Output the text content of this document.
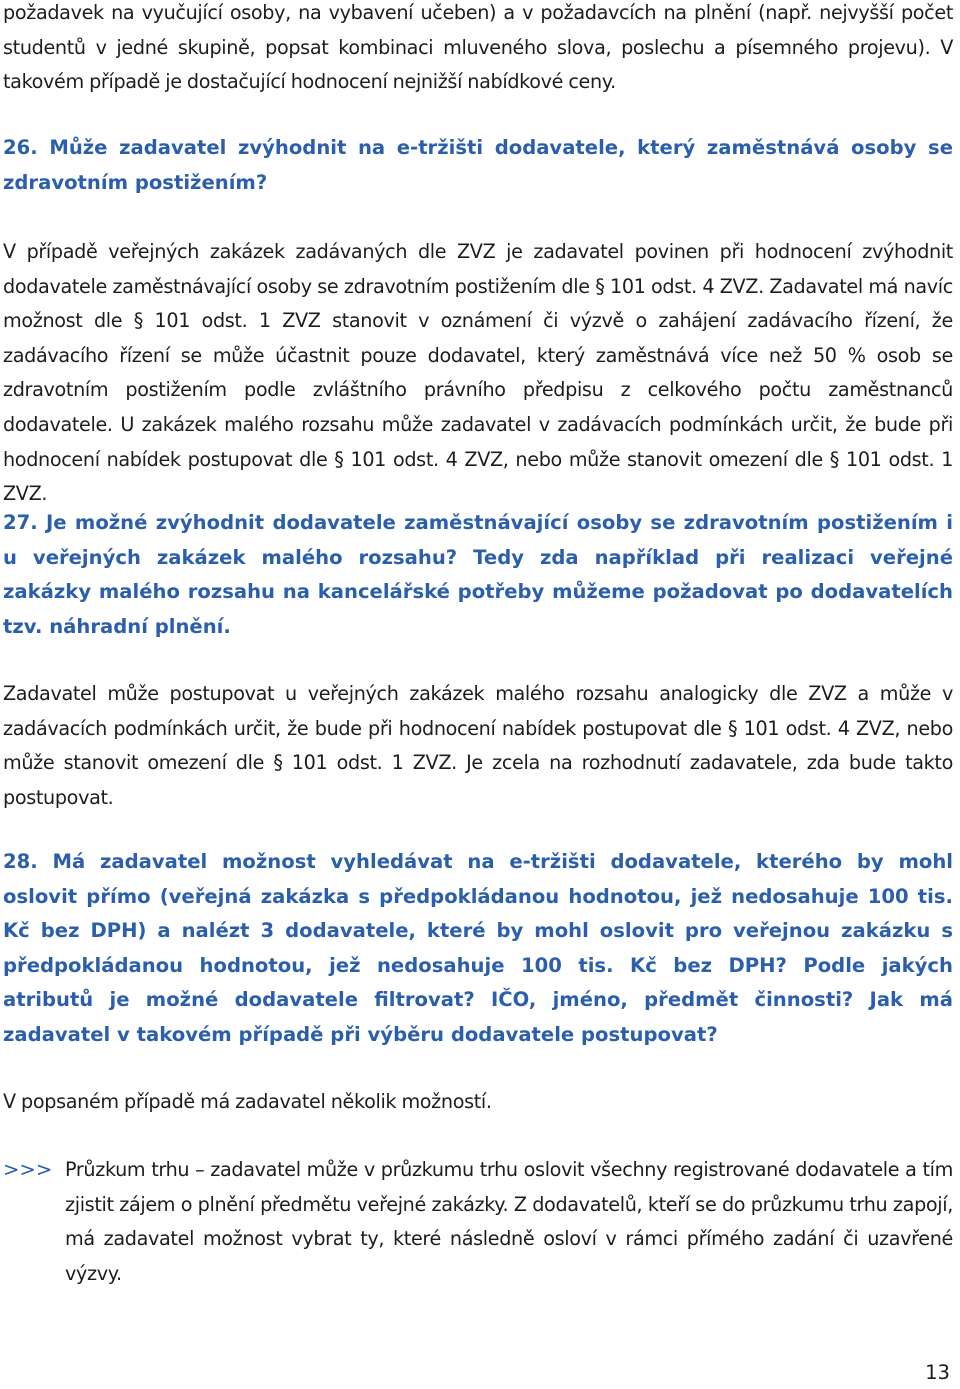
požadavek na vyučující osoby, na vybavení učeben) a v požadavcích na plnění (např. nejvyšší počet studentů v jedné skupině, popsat kombinaci mluveného slova, poslechu a písemného projevu). V takovém případě je dostačující hodnocení nejnižší nabídkové ceny.

26. Může zadavatel zvýhodnit na e-tržišti dodavatele, který zaměstnává osoby se zdravotním postižením?

V případě veřejných zakázek zadávaných dle ZVZ je zadavatel povinen při hodnocení zvýhodnit dodavatele zaměstnávající osoby se zdravotním postižením dle § 101 odst. 4 ZVZ. Zadavatel má navíc možnost dle § 101 odst. 1 ZVZ stanovit v oznámení či výzvě o zahájení zadávacího řízení, že zadávacího řízení se může účastnit pouze dodavatel, který zaměstnává více než 50 % osob se zdravotním postižením podle zvláštního právního předpisu z celkového počtu zaměstnanců dodavatele. U zakázek malého rozsahu může zadavatel v zadávacích podmínkách určit, že bude při hodnocení nabídek postupovat dle § 101 odst. 4 ZVZ, nebo může stanovit omezení dle § 101 odst. 1 ZVZ.

27. Je možné zvýhodnit dodavatele zaměstnávající osoby se zdravotním postižením i u veřejných zakázek malého rozsahu? Tedy zda například při realizaci veřejné zakázky malého rozsahu na kancelářské potřeby můžeme požadovat po dodavatelích tzv. náhradní plnění.

Zadavatel může postupovat u veřejných zakázek malého rozsahu analogicky dle ZVZ a může v zadávacích podmínkách určit, že bude při hodnocení nabídek postupovat dle § 101 odst. 4 ZVZ, nebo může stanovit omezení dle § 101 odst. 1 ZVZ. Je zcela na rozhodnutí zadavatele, zda bude takto postupovat.

28. Má zadavatel možnost vyhledávat na e-tržišti dodavatele, kterého by mohl oslovit přímo (veřejná zakázka s předpokládanou hodnotou, jež nedosahuje 100 tis. Kč bez DPH) a nalézt 3 dodavatele, které by mohl oslovit pro veřejnou zakázku s předpokládanou hodnotou, jež nedosahuje 100 tis. Kč bez DPH? Podle jakých atributů je možné dodavatele filtrovat? IČO, jméno, předmět činnosti? Jak má zadavatel v takovém případě při výběru dodavatele postupovat?

V popsaném případě má zadavatel několik možností.

>>> Průzkum trhu – zadavatel může v průzkumu trhu oslovit všechny registrované dodavatele a tím zjistit zájem o plnění předmětu veřejné zakázky. Z dodavatelů, kteří se do průzkumu trhu zapojí, má zadavatel možnost vybrat ty, které následně osloví v rámci přímého zadání či uzavřené výzvy.

13
